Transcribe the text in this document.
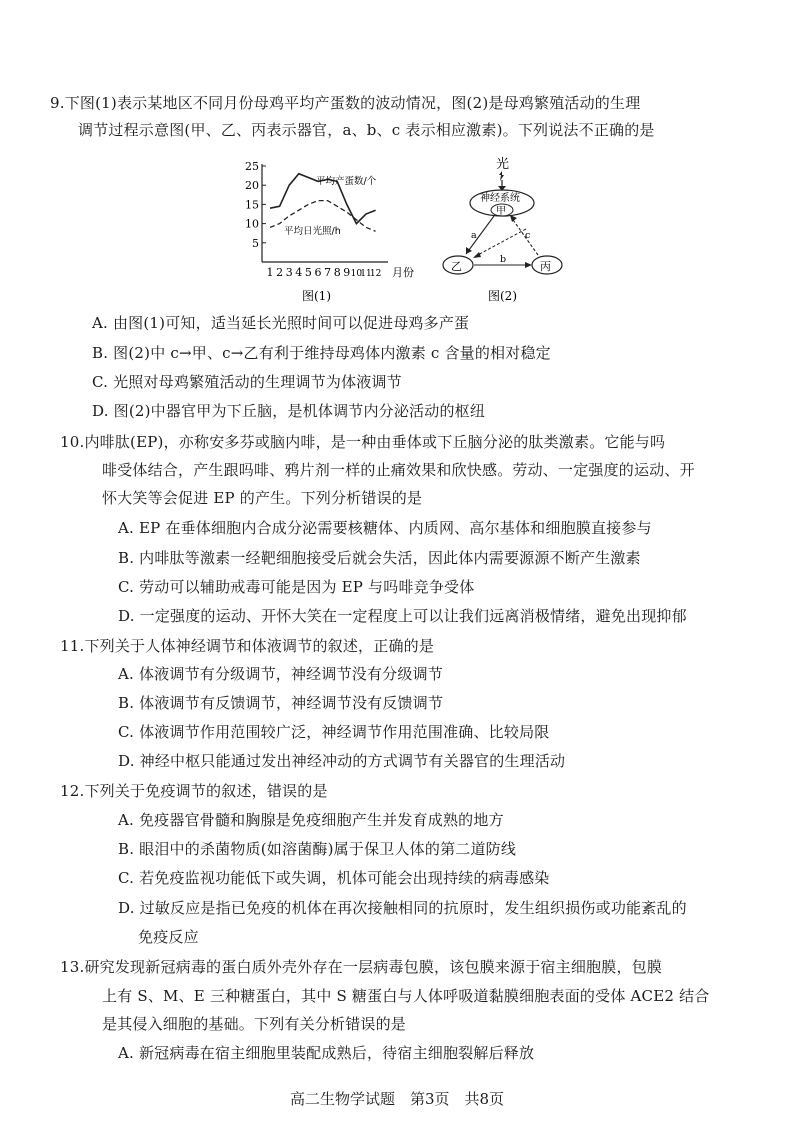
9.下图(1)表示某地区不同月份母鸡平均产蛋数的波动情况，图(2)是母鸡繁殖活动的生理
调节过程示意图(甲、乙、丙表示器官，a、b、c 表示相应激素)。下列说法不正确的是
25
20
15
10
5
1 2 3 4 5 6 7 8 9 10
11
12
平均产蛋数/个
平均日光照/h
月份
图(1)
光
神经系统
甲
乙	丙
a
b
c
图(2)
A. 由图(1)可知，适当延长光照时间可以促进母鸡多产蛋
B. 图(2)中 c→甲、c→乙有利于维持母鸡体内激素 c 含量的相对稳定
C. 光照对母鸡繁殖活动的生理调节为体液调节
D. 图(2)中器官甲为下丘脑，是机体调节内分泌活动的枢纽
10.内啡肽(EP)，亦称安多芬或脑内啡，是一种由垂体或下丘脑分泌的肽类激素。它能与吗
啡受体结合，产生跟吗啡、鸦片剂一样的止痛效果和欣快感。劳动、一定强度的运动、开
怀大笑等会促进 EP 的产生。下列分析错误的是
A. EP 在垂体细胞内合成分泌需要核糖体、内质网、高尔基体和细胞膜直接参与
B. 内啡肽等激素一经靶细胞接受后就会失活，因此体内需要源源不断产生激素
C. 劳动可以辅助戒毒可能是因为 EP 与吗啡竞争受体
D. 一定强度的运动、开怀大笑在一定程度上可以让我们远离消极情绪，避免出现抑郁
11.下列关于人体神经调节和体液调节的叙述，正确的是
A. 体液调节有分级调节，神经调节没有分级调节
B. 体液调节有反馈调节，神经调节没有反馈调节
C. 体液调节作用范围较广泛，神经调节作用范围准确、比较局限
D. 神经中枢只能通过发出神经冲动的方式调节有关器官的生理活动
12.下列关于免疫调节的叙述，错误的是
A. 免疫器官骨髓和胸腺是免疫细胞产生并发育成熟的地方
B. 眼泪中的杀菌物质(如溶菌酶)属于保卫人体的第二道防线
C. 若免疫监视功能低下或失调，机体可能会出现持续的病毒感染
D. 过敏反应是指已免疫的机体在再次接触相同的抗原时，发生组织损伤或功能紊乱的
免疫反应
13.研究发现新冠病毒的蛋白质外壳外存在一层病毒包膜，该包膜来源于宿主细胞膜，包膜
上有 S、M、E 三种糖蛋白，其中 S 糖蛋白与人体呼吸道黏膜细胞表面的受体 ACE2 结合
是其侵入细胞的基础。下列有关分析错误的是
A. 新冠病毒在宿主细胞里装配成熟后，待宿主细胞裂解后释放
高二生物学试题　第3页　共8页
